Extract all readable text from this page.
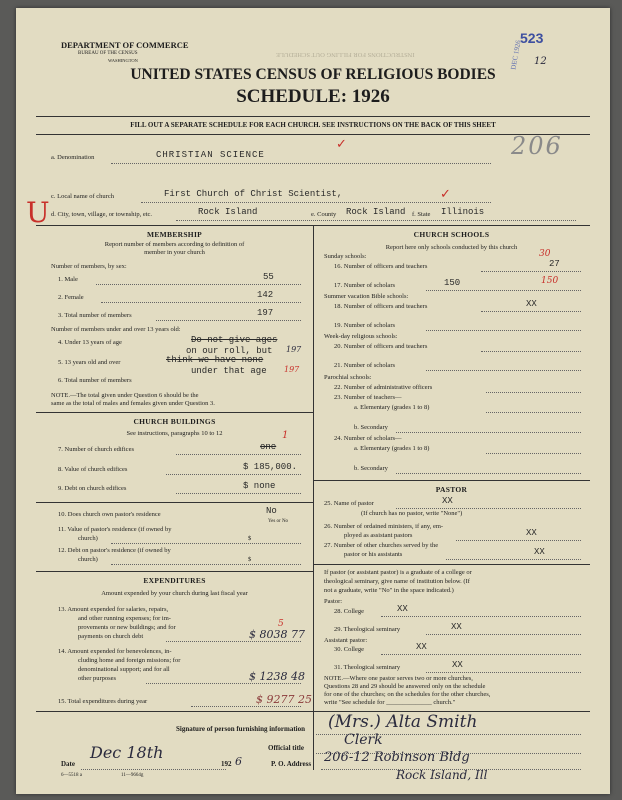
DEPARTMENT OF COMMERCE
BUREAU OF THE CENSUS
WASHINGTON
INSTRUCTIONS FOR FILLING OUT SCHEDULE
523
DEC 1926 12
UNITED STATES CENSUS OF RELIGIOUS BODIES
SCHEDULE: 1926
FILL OUT A SEPARATE SCHEDULE FOR EACH CHURCH. SEE INSTRUCTIONS ON THE BACK OF THIS SHEET
206
a. Denomination	CHRISTIAN SCIENCE
✓
c. Local name of church	First Church of Christ Scientist,	✓
U d. City, town, village, or township, etc.	Rock Island	e. County Rock Island f. State Illinois
MEMBERSHIP
Report number of members according to definition of
member in your church
Number of members, by sex:
1. Male	55
2. Female	142
3. Total number of members	197
Number of members under and over 13 years old:
4. Under 13 years of age	Do not give ages
on our roll, but 197
5. 13 years old and over	think we have none
under that age 197
6. Total number of members
NOTE.—The total given under Question 6 should be the
same as the total of males and females given under Question 3.
CHURCH BUILDINGS
See instructions, paragraphs 10 to 12	1
7. Number of church edifices	one
8. Value of church edifices	$ 185,000.
9. Debt on church edifices	$ none
10. Does church own pastor's residence	No
Yes or No
11. Value of pastor's residence (if owned by
church)	$
12. Debt on pastor's residence (if owned by
church)	$
EXPENDITURES
Amount expended by your church during last fiscal year
13. Amount expended for salaries, repairs,
and other running expenses; for im-
provements or new buildings; and for
payments on church debt	$ 8038 77
5
14. Amount expended for benevolences, in-
cluding home and foreign missions; for
denominational support; and for all
other purposes	$ 1238 48
15. Total expenditures during year	$ 9277 25
CHURCH SCHOOLS
Report here only schools conducted by this church
Sunday schools:
16. Number of officers and teachers	27
30
17. Number of scholars	150	150
Summer vacation Bible schools:
18. Number of officers and teachers	XX
19. Number of scholars
Week-day religious schools:
20. Number of officers and teachers
21. Number of scholars
Parochial schools:
22. Number of administrative officers
23. Number of teachers—
a. Elementary (grades 1 to 8)
b. Secondary
24. Number of scholars—
a. Elementary (grades 1 to 8)
b. Secondary
PASTOR
25. Name of pastor	XX
(If church has no pastor, write "None")
26. Number of ordained ministers, if any, em-
ployed as assistant pastors	XX
27. Number of other churches served by the
pastor or his assistants	XX
If pastor (or assistant pastor) is a graduate of a college or
theological seminary, give name of institution below. (If
not a graduate, write "No" in the space indicated.)
Pastor:
28. College	XX
29. Theological seminary	XX
Assistant pastor:
30. College	XX
31. Theological seminary	XX
NOTE.—Where one pastor serves two or more churches,
Questions 28 and 29 should be answered only on the schedule
for one of the churches; on the schedules for the other churches,
write "See schedule for ______________ church."
Signature of person furnishing information (Mrs.) Alta Smith
Official title	Clerk
Date
Dec 18th
192 6	P. O. Address 206-12 Robinson Bldg
Rock Island, Ill
6—5518 a	11—9664g
